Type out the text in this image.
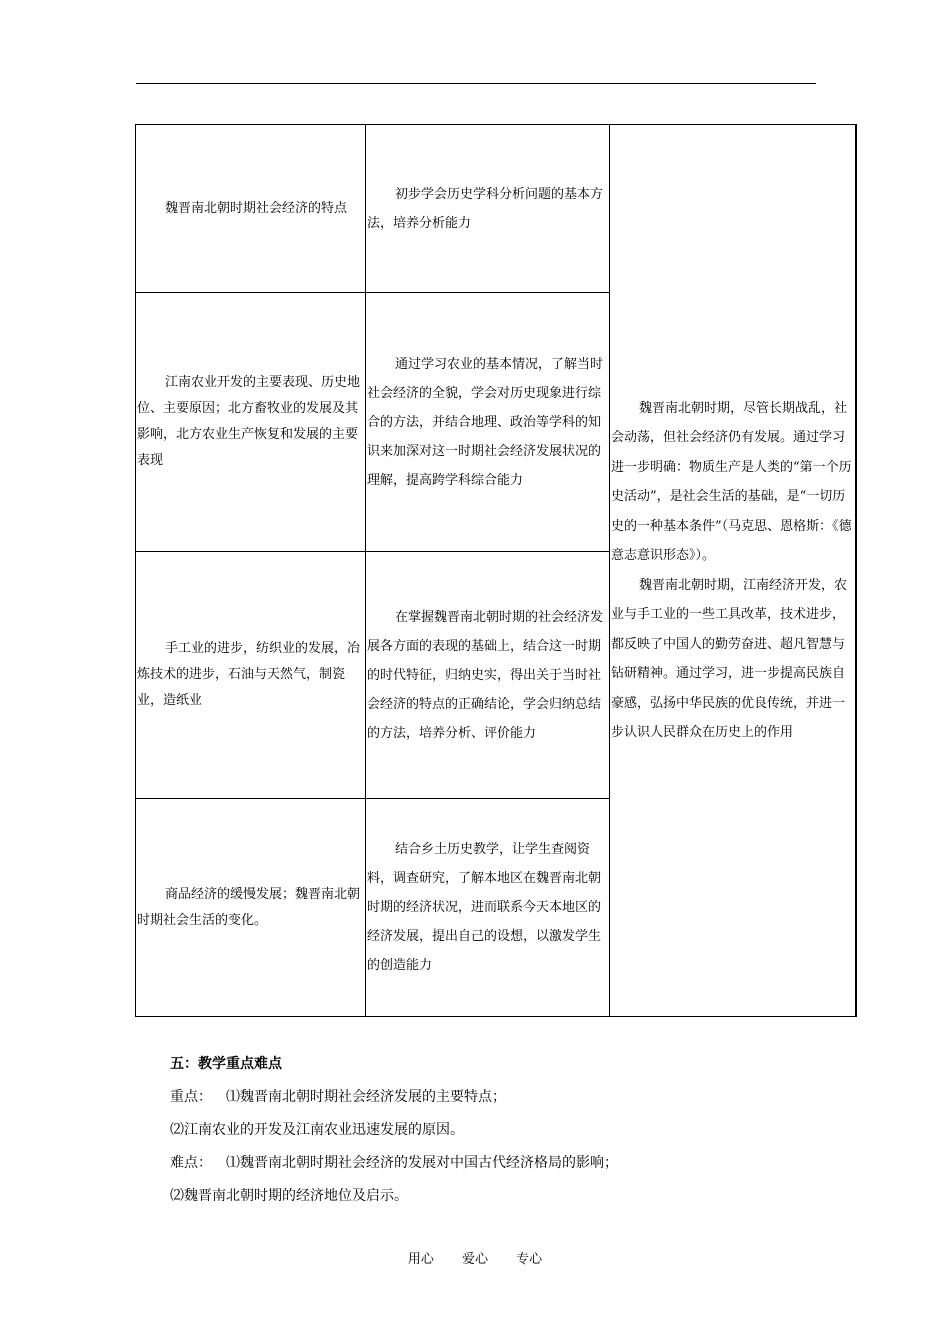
魏晋南北朝时期社会经济的特点	初步学会历史学科分析问题的基本方法，培养分析能力	魏晋南北朝时期，尽管长期战乱，社会动荡，但社会经济仍有发展。通过学习进一步明确：物质生产是人类的“第一个历史活动”，是社会生活的基础，是“一切历史的一种基本条件”（马克思、恩格斯：《德意志意识形态》）。
魏晋南北朝时期，江南经济开发，农业与手工业的一些工具改革，技术进步，都反映了中国人的勤劳奋进、超凡智慧与钻研精神。通过学习，进一步提高民族自豪感，弘扬中华民族的优良传统，并进一步认识人民群众在历史上的作用

江南农业开发的主要表现、历史地位、主要原因；北方畜牧业的发展及其影响，北方农业生产恢复和发展的主要表现	通过学习农业的基本情况，了解当时社会经济的全貌，学会对历史现象进行综合的方法，并结合地理、政治等学科的知识来加深对这一时期社会经济发展状况的理解，提高跨学科综合能力	

手工业的进步，纺织业的发展，冶炼技术的进步，石油与天然气，制瓷业，造纸业	在掌握魏晋南北朝时期的社会经济发展各方面的表现的基础上，结合这一时期的时代特征，归纳史实，得出关于当时社会经济的特点的正确结论，学会归纳总结的方法，培养分析、评价能力	

商品经济的缓慢发展；魏晋南北朝时期社会生活的变化。	结合乡土历史教学，让学生查阅资料，调查研究，了解本地区在魏晋南北朝时期的经济状况，进而联系今天本地区的经济发展，提出自己的设想，以激发学生的创造能力	
五：教学重点难点
重点： ⑴魏晋南北朝时期社会经济发展的主要特点；
⑵江南农业的开发及江南农业迅速发展的原因。
难点： ⑴魏晋南北朝时期社会经济的发展对中国古代经济格局的影响；
⑵魏晋南北朝时期的经济地位及启示。
用心 爱心 专心
